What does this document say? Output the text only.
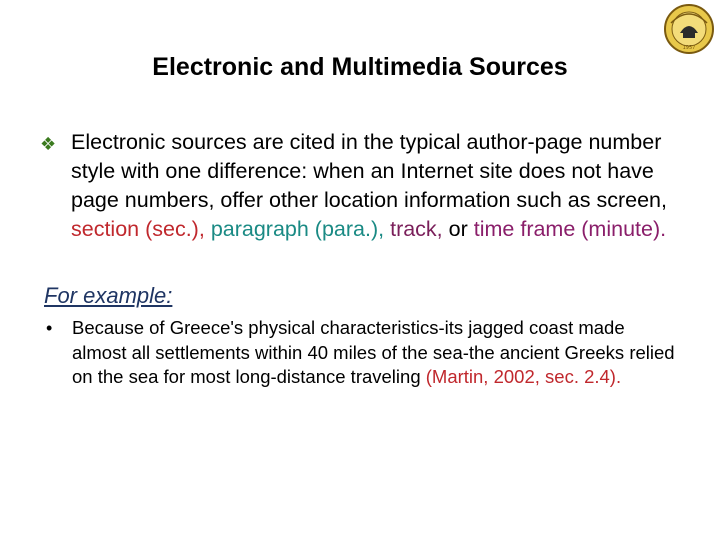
1957
Electronic and Multimedia Sources
❖ Electronic sources are cited in the typical author-page number style with one difference: when an Internet site does not have page numbers, offer other location information such as screen, section (sec.), paragraph (para.), track, or time frame (minute).
For example:
• Because of Greece's physical characteristics-its jagged coast made almost all settlements within 40 miles of the sea-the ancient Greeks relied on the sea for most long-distance traveling (Martin, 2002, sec. 2.4).
